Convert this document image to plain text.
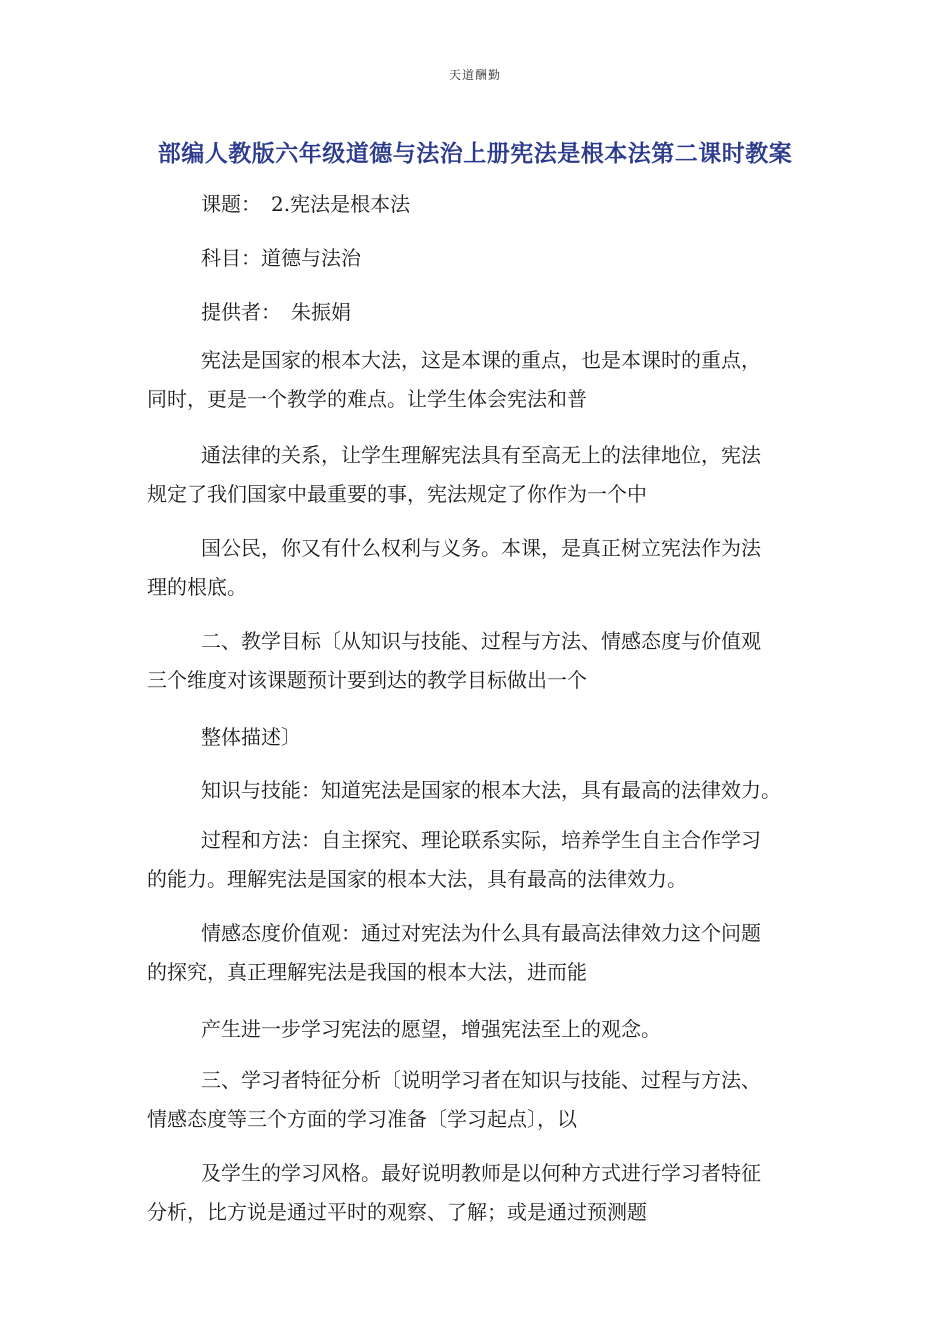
天道酬勤
部编人教版六年级道德与法治上册宪法是根本法第二课时教案
课题：　2.宪法是根本法
科目：道德与法治
提供者：　朱振娟
宪法是国家的根本大法，这是本课的重点，也是本课时的重点，
同时，更是一个教学的难点。让学生体会宪法和普
通法律的关系，让学生理解宪法具有至高无上的法律地位，宪法
规定了我们国家中最重要的事，宪法规定了你作为一个中
国公民，你又有什么权利与义务。本课，是真正树立宪法作为法
理的根底。
二、教学目标〔从知识与技能、过程与方法、情感态度与价值观
三个维度对该课题预计要到达的教学目标做出一个
整体描述〕
知识与技能：知道宪法是国家的根本大法，具有最高的法律效力。
过程和方法：自主探究、理论联系实际，培养学生自主合作学习
的能力。理解宪法是国家的根本大法，具有最高的法律效力。
情感态度价值观：通过对宪法为什么具有最高法律效力这个问题
的探究，真正理解宪法是我国的根本大法，进而能
产生进一步学习宪法的愿望，增强宪法至上的观念。
三、学习者特征分析〔说明学习者在知识与技能、过程与方法、
情感态度等三个方面的学习准备〔学习起点〕，以
及学生的学习风格。最好说明教师是以何种方式进行学习者特征
分析，比方说是通过平时的观察、了解；或是通过预测题
